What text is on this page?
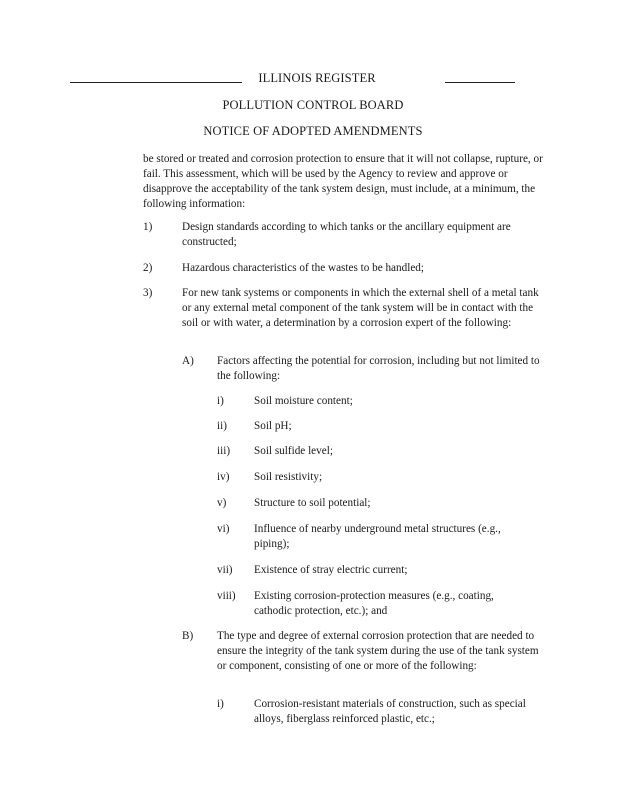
ILLINOIS REGISTER
POLLUTION CONTROL BOARD
NOTICE OF ADOPTED AMENDMENTS

be stored or treated and corrosion protection to ensure that it will not collapse, rupture, or fail. This assessment, which will be used by the Agency to review and approve or disapprove the acceptability of the tank system design, must include, at a minimum, the following information:

1)	Design standards according to which tanks or the ancillary equipment are constructed;

2)	Hazardous characteristics of the wastes to be handled;

3)	For new tank systems or components in which the external shell of a metal tank or any external metal component of the tank system will be in contact with the soil or with water, a determination by a corrosion expert of the following:

A) Factors affecting the potential for corrosion, including but not limited to the following:

i)	Soil moisture content;

ii) Soil pH;

iii) Soil sulfide level;

iv) Soil resistivity;

v) Structure to soil potential;

vi) Influence of nearby underground metal structures (e.g., piping);

vii) Existence of stray electric current;

viii) Existing corrosion-protection measures (e.g., coating, cathodic protection, etc.); and

B) The type and degree of external corrosion protection that are needed to ensure the integrity of the tank system during the use of the tank system or component, consisting of one or more of the following:

i)	Corrosion-resistant materials of construction, such as special alloys, fiberglass reinforced plastic, etc.;
